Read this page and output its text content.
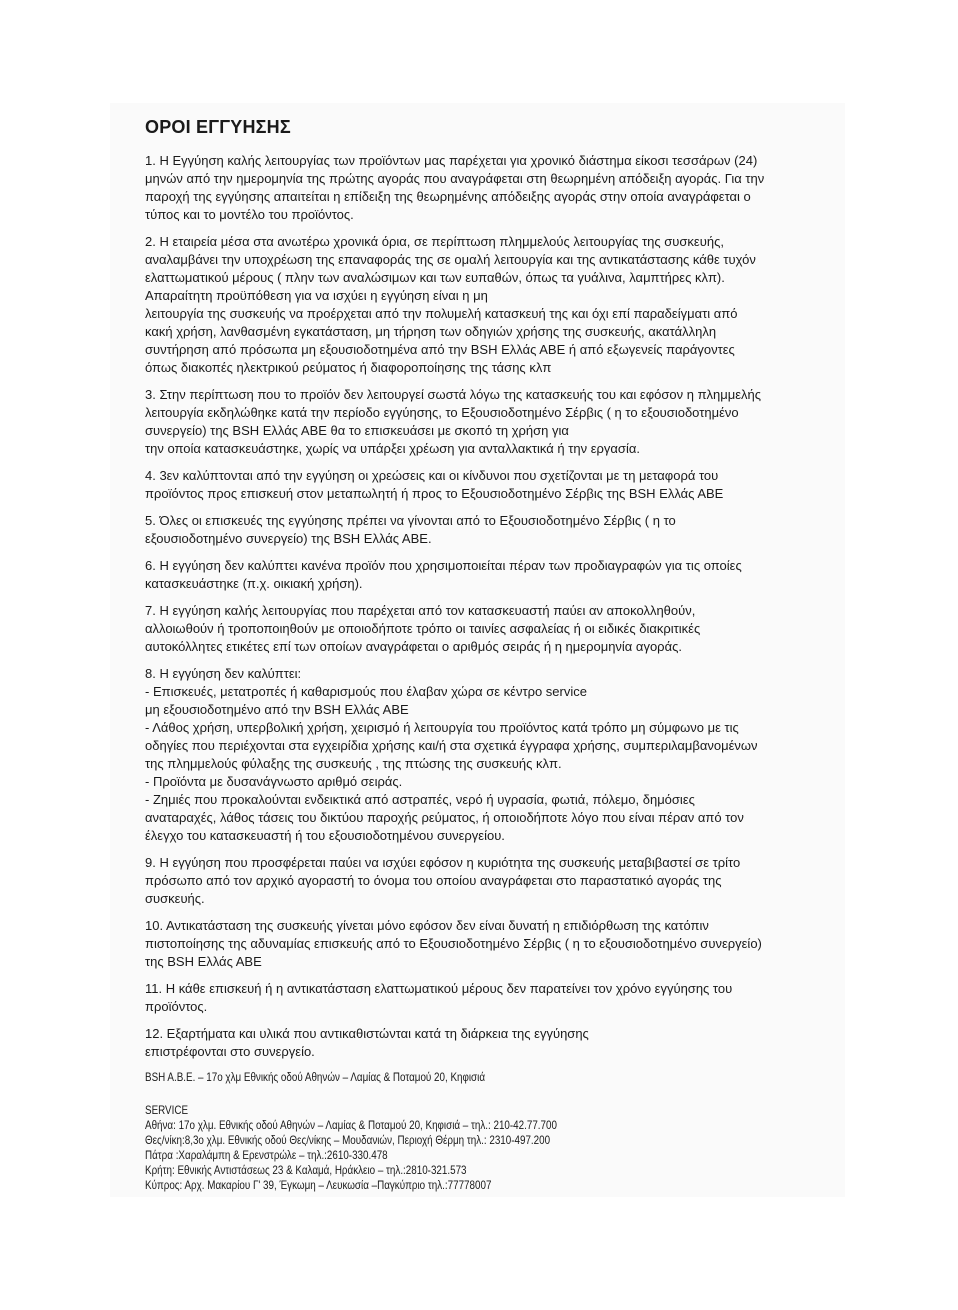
ΟΡΟΙ ΕΓΓΥΗΣΗΣ
1. Η Εγγύηση καλής λειτουργίας των προϊόντων μας παρέχεται για χρονικό διάστημα είκοσι τεσσάρων (24)
μηνών από την ημερομηνία της πρώτης αγοράς που αναγράφεται στη θεωρημένη απόδειξη αγοράς. Για την
παροχή της εγγύησης απαιτείται η επίδειξη της θεωρημένης απόδειξης αγοράς στην οποία αναγράφεται ο
τύπος και το μοντέλο του προϊόντος.
2. Η εταιρεία μέσα στα ανωτέρω χρονικά όρια, σε περίπτωση πλημμελούς λειτουργίας της συσκευής,
αναλαμβάνει την υποχρέωση της επαναφοράς της σε ομαλή λειτουργία και της αντικατάστασης κάθε τυχόν
ελαττωματικού μέρους ( πλην των αναλώσιμων και των ευπαθών, όπως τα γυάλινα, λαμπτήρες κλπ).
Απαραίτητη προϋπόθεση για να ισχύει η εγγύηση είναι η μη
λειτουργία της συσκευής να προέρχεται από την πολυμελή κατασκευή της και όχι επί παραδείγματι από
κακή χρήση, λανθασμένη εγκατάσταση, μη τήρηση των οδηγιών χρήσης της συσκευής, ακατάλληλη
συντήρηση από πρόσωπα μη εξουσιοδοτημένα από την BSH Ελλάς ΑΒΕ ή από εξωγενείς παράγοντες
όπως διακοπές ηλεκτρικού ρεύματος ή διαφοροποίησης της τάσης κλπ
3. Στην περίπτωση που το προϊόν δεν λειτουργεί σωστά λόγω της κατασκευής του και εφόσον η πλημμελής
λειτουργία εκδηλώθηκε κατά την περίοδο εγγύησης, το Εξουσιοδοτημένο Σέρβις ( η το εξουσιοδοτημένο
συνεργείο) της BSH Ελλάς ΑΒΕ θα το επισκευάσει με σκοπό τη χρήση για
την οποία κατασκευάστηκε, χωρίς να υπάρξει χρέωση για ανταλλακτικά ή την εργασία.
4. 3εν καλύπτονται από την εγγύηση οι χρεώσεις και οι κίνδυνοι που σχετίζονται με τη μεταφορά του
προϊόντος προς επισκευή στον μεταπωλητή ή προς το Εξουσιοδοτημένο Σέρβις της BSH Ελλάς ΑΒΕ
5. Όλες οι επισκευές της εγγύησης πρέπει να γίνονται από το Εξουσιοδοτημένο Σέρβις ( η το
εξουσιοδοτημένο συνεργείο) της BSH Ελλάς ΑΒΕ.
6. Η εγγύηση δεν καλύπτει κανένα προϊόν που χρησιμοποιείται πέραν των προδιαγραφών για τις οποίες
κατασκευάστηκε (π.χ. οικιακή χρήση).
7. Η εγγύηση καλής λειτουργίας που παρέχεται από τον κατασκευαστή παύει αν αποκολληθούν,
αλλοιωθούν ή τροποποιηθούν με οποιοδήποτε τρόπο οι ταινίες ασφαλείας ή οι ειδικές διακριτικές
αυτοκόλλητες ετικέτες επί των οποίων αναγράφεται ο αριθμός σειράς ή η ημερομηνία αγοράς.
8. Η εγγύηση δεν καλύπτει:
- Επισκευές, μετατροπές ή καθαρισμούς που έλαβαν χώρα σε κέντρο service
μη εξουσιοδοτημένο από την BSH Ελλάς ΑΒΕ
- Λάθος χρήση, υπερβολική χρήση, χειρισμό ή λειτουργία του προϊόντος κατά τρόπο μη σύμφωνο με τις
οδηγίες που περιέχονται στα εγχειρίδια χρήσης και/ή στα σχετικά έγγραφα χρήσης, συμπεριλαμβανομένων
της πλημμελούς φύλαξης της συσκευής , της πτώσης της συσκευής κλπ.
- Προϊόντα με δυσανάγνωστο αριθμό σειράς.
- Ζημιές που προκαλούνται ενδεικτικά από αστραπές, νερό ή υγρασία, φωτιά, πόλεμο, δημόσιες
αναταραχές, λάθος τάσεις του δικτύου παροχής ρεύματος, ή οποιοδήποτε λόγο που είναι πέραν από τον
έλεγχο του κατασκευαστή ή του εξουσιοδοτημένου συνεργείου.
9. Η εγγύηση που προσφέρεται παύει να ισχύει εφόσον η κυριότητα της συσκευής μεταβιβαστεί σε τρίτο
πρόσωπο από τον αρχικό αγοραστή το όνομα του οποίου αναγράφεται στο παραστατικό αγοράς της
συσκευής.
10. Αντικατάσταση της συσκευής γίνεται μόνο εφόσον δεν είναι δυνατή η επιδιόρθωση της κατόπιν
πιστοποίησης της αδυναμίας επισκευής από το Εξουσιοδοτημένο Σέρβις ( η το εξουσιοδοτημένο συνεργείο)
της BSH Ελλάς ΑΒΕ
11. Η κάθε επισκευή ή η αντικατάσταση ελαττωματικού μέρους δεν παρατείνει τον χρόνο εγγύησης του
προϊόντος.
12. Εξαρτήματα και υλικά που αντικαθιστώνται κατά τη διάρκεια της εγγύησης
επιστρέφονται στο συνεργείο.
BSH A.B.E. – 17ο χλμ Εθνικής οδού Αθηνών – Λαμίας & Ποταμού 20, Κηφισιά
SERVICE
Αθήνα: 17ο χλμ. Εθνικής οδού Αθηνών – Λαμίας & Ποταμού 20, Κηφισιά – τηλ.: 210-42.77.700
Θες/νίκη:8,3ο χλμ. Εθνικής οδού Θες/νίκης – Μουδανιών, Περιοχή Θέρμη τηλ.: 2310-497.200
Πάτρα :Χαραλάμπη & Ερενστρώλε – τηλ.:2610-330.478
Κρήτη: Εθνικής Αντιστάσεως 23 & Καλαμά, Ηράκλειο – τηλ.:2810-321.573
Κύπρος: Αρχ. Μακαρίου Γ' 39, Έγκωμη – Λευκωσία –Παγκύπριο τηλ.:77778007
